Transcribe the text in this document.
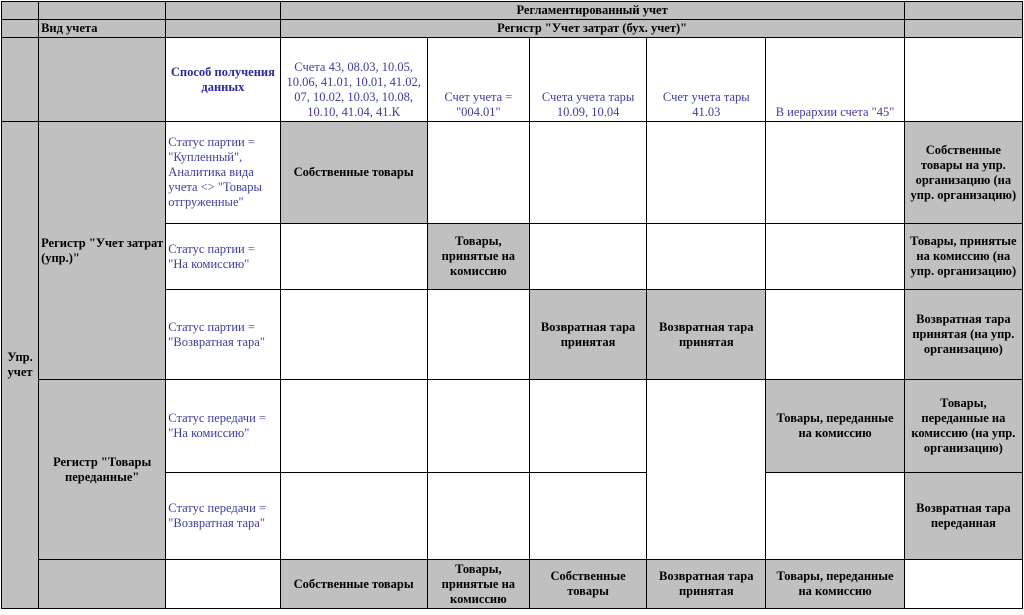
			Регламентированный учет					
	Вид учета		Регистр "Учет затрат (бух. учет)"					
		Способ получения данных	Счета 43, 08.03, 10.05, 10.06, 41.01, 10.01, 41.02, 07, 10.02, 10.03, 10.08, 10.10, 41.04, 41.К	Счет учета = "004.01"	Счета учета тары 10.09, 10.04	Счет учета тары 41.03	В иерархии счета "45"	
Упр. учет	Регистр "Учет затрат (упр.)"	Статус партии = "Купленный", Аналитика вида учета <> "Товары отгруженные"	Собственные товары					Собственные товары на упр. организацию (на упр. организацию)
		Статус партии = "На комиссию"		Товары, принятые на комиссию				Товары, принятые на комиссию (на упр. организацию)
		Статус партии = "Возвратная тара"			Возвратная тара принятая	Возвратная тара принятая		Возвратная тара принятая (на упр. организацию)
	Регистр "Товары переданные"	Статус передачи = "На комиссию"					Товары, переданные на комиссию	Товары, переданные на комиссию (на упр. организацию)
		Статус передачи = "Возвратная тара"						Возвратная тара переданная
			Собственные товары	Товары, принятые на комиссию	Собственные товары	Возвратная тара принятая	Товары, переданные на комиссию	
